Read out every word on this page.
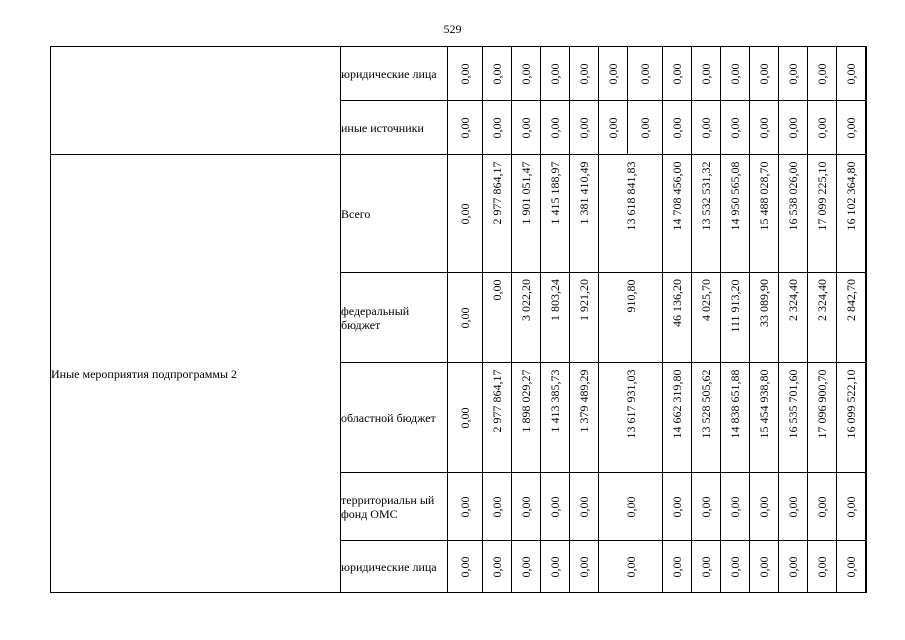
529
	юридические лица	0,00	0,00	0,00	0,00	0,00	0,00	0,00	0,00	0,00	0,00	0,00	0,00	0,00	0,00

	иные источники	0,00	0,00	0,00	0,00	0,00	0,00	0,00	0,00	0,00	0,00	0,00	0,00	0,00	0,00

Иные мероприятия подпрограммы 2	Всего	0,00	2 977 864,17	1 901 051,47	1 415 188,97	1 381 410,49	13 618 841,83		14 708 456,00	13 532 531,32	14 950 565,08	15 488 028,70	16 538 026,00	17 099 225,10	16 102 364,80

	федеральный бюджет	0,00	0,00	3 022,20	1 803,24	1 921,20	910,80		46 136,20	4 025,70	111 913,20	33 089,90	2 324,40	2 324,40	2 842,70

	областной бюджет	0,00	2 977 864,17	1 898 029,27	1 413 385,73	1 379 489,29	13 617 931,03		14 662 319,80	13 528 505,62	14 838 651,88	15 454 938,80	16 535 701,60	17 096 900,70	16 099 522,10

	территориальн ый фонд ОМС	0,00	0,00	0,00	0,00	0,00	0,00		0,00	0,00	0,00	0,00	0,00	0,00	0,00

	юридические лица	0,00	0,00	0,00	0,00	0,00	0,00		0,00	0,00	0,00	0,00	0,00	0,00	0,00
